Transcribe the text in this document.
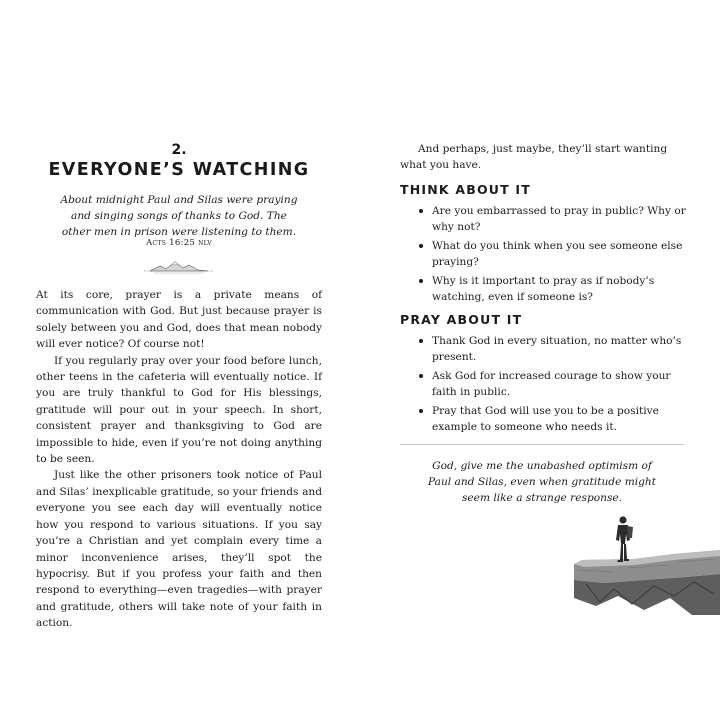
2.
EVERYONE’S WATCHING
About midnight Paul and Silas were praying and singing songs of thanks to God. The other men in prison were listening to them.
Acts 16:25 nlv

At its core, prayer is a private means of communication with God. But just because prayer is solely between you and God, does that mean nobody will ever notice? Of course not!

If you regularly pray over your food before lunch, other teens in the cafeteria will eventually notice. If you are truly thankful to God for His blessings, gratitude will pour out in your speech. In short, consistent prayer and thanksgiving to God are impossible to hide, even if you’re not doing anything to be seen.

Just like the other prisoners took notice of Paul and Silas’ inexplicable gratitude, so your friends and everyone you see each day will eventually notice how you respond to various situations. If you say you’re a Christian and yet complain every time a minor inconvenience arises, they’ll spot the hypocrisy. But if you profess your faith and then respond to everything—even tragedies—with prayer and gratitude, others will take note of your faith in action.

And perhaps, just maybe, they’ll start wanting what you have.

THINK ABOUT IT
Are you embarrassed to pray in public? Why or why not?
What do you think when you see someone else praying?
Why is it important to pray as if nobody’s watching, even if someone is?
PRAY ABOUT IT
Thank God in every situation, no matter who’s present.
Ask God for increased courage to show your faith in public.
Pray that God will use you to be a positive example to someone who needs it.
God, give me the unabashed optimism of Paul and Silas, even when gratitude might seem like a strange response.
